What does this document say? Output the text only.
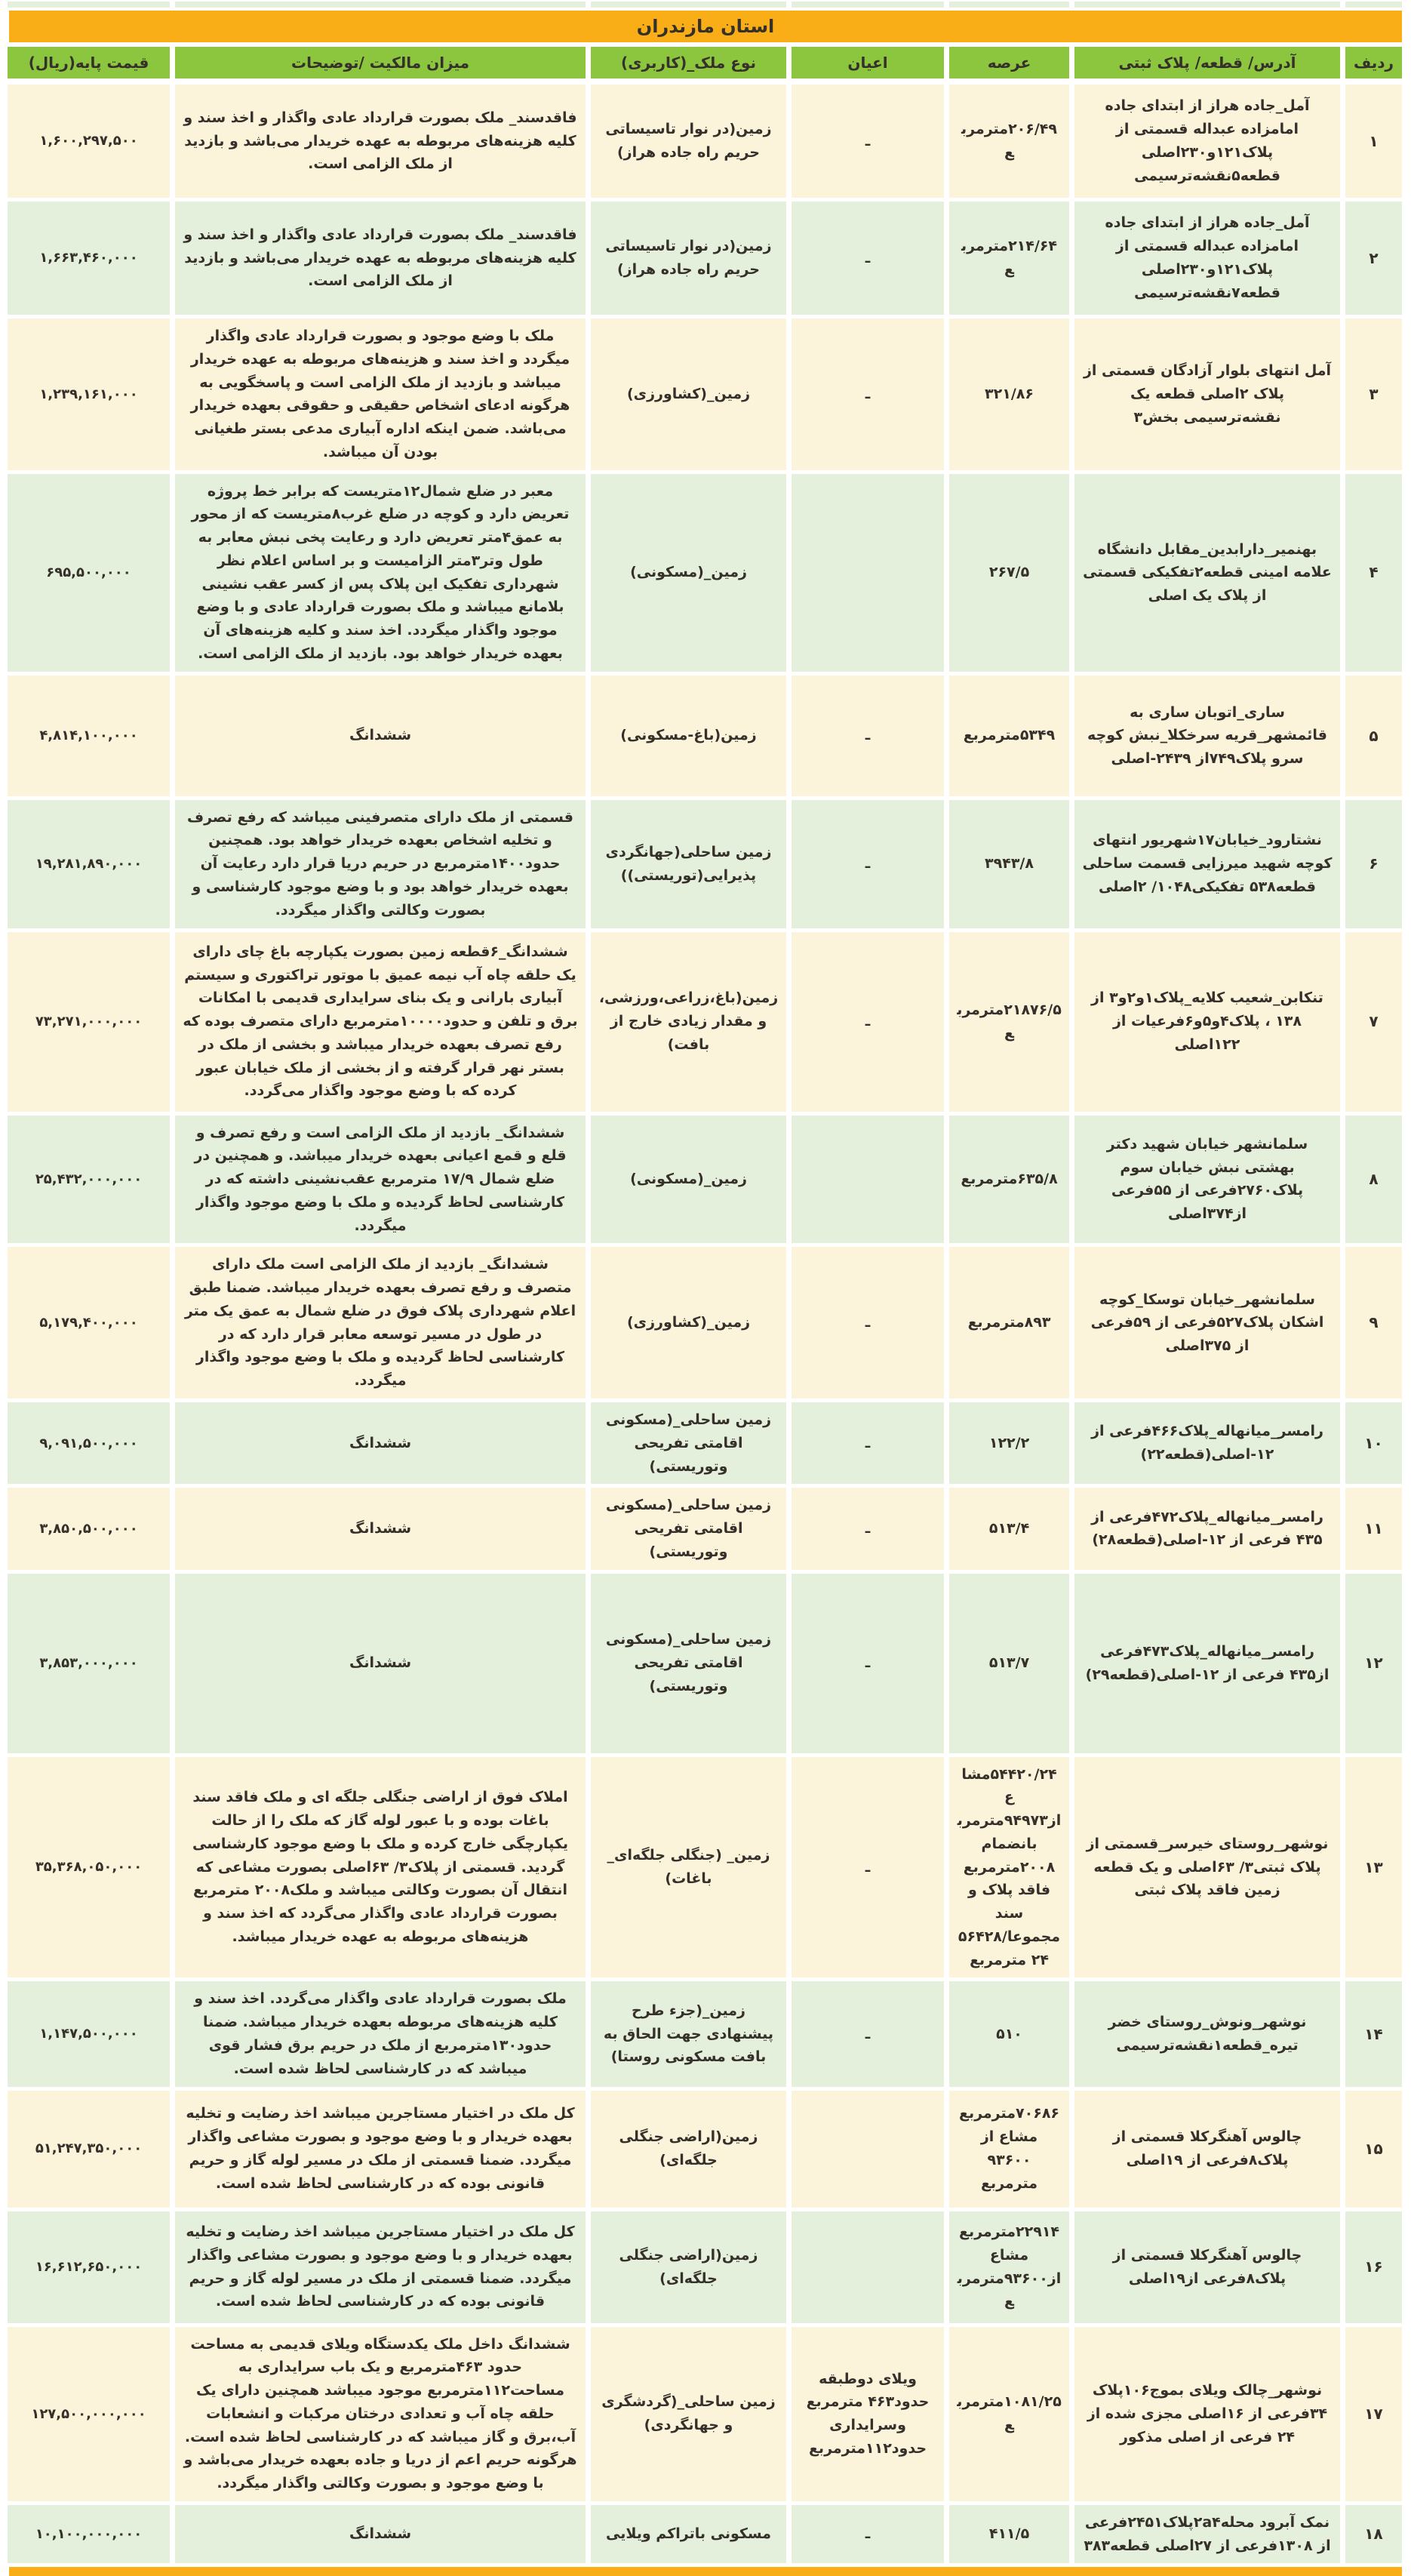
استان مازندران
ردیف
آدرس/ قطعه/ پلاک ثبتی
عرصه
اعیان
نوع ملک_(کاربری)
میزان مالکیت /توضیحات
قیمت پایه(ریال)
۱
آمل_جاده هراز از ابتدای جاده امامزاده عبداله قسمتی از پلاک۱۲۱و۲۳۰اصلی قطعه۵نقشه‌ترسیمی
۲۰۶/۴۹مترمربع
ـ
زمین(در نوار تاسیساتی حریم راه جاده هراز)
فاقدسند_ ملک بصورت قرارداد عادی واگذار و اخذ سند و کلیه هزینه‌های مربوطه به عهده خریدار می‌باشد و بازدید از ملک الزامی است.
۱,۶۰۰,۲۹۷,۵۰۰
۲
آمل_جاده هراز از ابتدای جاده امامزاده عبداله قسمتی از پلاک۱۲۱و۲۳۰اصلی قطعه۷نقشه‌ترسیمی
۲۱۴/۶۴مترمربع
ـ
زمین(در نوار تاسیساتی حریم راه جاده هراز)
فاقدسند_ ملک بصورت قرارداد عادی واگذار و اخذ سند و کلیه هزینه‌های مربوطه به عهده خریدار می‌باشد و بازدید از ملک الزامی است.
۱,۶۶۳,۴۶۰,۰۰۰
۳
آمل انتهای بلوار آزادگان قسمتی از پلاک ۲اصلی قطعه یک نقشه‌ترسیمی بخش۳
۳۲۱/۸۶
ـ
زمین_(کشاورزی)
ملک با وضع موجود و بصورت قرارداد عادی واگذار میگردد و اخذ سند و هزینه‌های مربوطه به عهده خریدار میباشد و بازدید از ملک الزامی است و پاسخگویی به هرگونه ادعای اشخاص حقیقی و حقوقی بعهده خریدار می‌باشد. ضمن اینکه اداره آبیاری مدعی بستر طغیانی بودن آن میباشد.
۱,۲۳۹,۱۶۱,۰۰۰
۴
بهنمیر_دارابدین_مقابل دانشگاه علامه امینی قطعه۲تفکیکی قسمتی از پلاک یک اصلی
۲۶۷/۵
زمین_(مسکونی)
معبر در ضلع شمال۱۲متریست که برابر خط پروژه تعریض دارد و کوچه در ضلع غرب۸متریست که از محور به عمق۴متر تعریض دارد و رعایت پخی نبش معابر به طول وتر۳متر الزامیست و بر اساس اعلام نظر شهرداری تفکیک این پلاک پس از کسر عقب نشینی بلامانع میباشد و ملک بصورت قرارداد عادی و با وضع موجود واگذار میگردد. اخذ سند و کلیه هزینه‌های آن بعهده خریدار خواهد بود. بازدید از ملک الزامی است.
۶۹۵,۵۰۰,۰۰۰
۵
ساری_اتوبان ساری به قائمشهر_قریه سرخکلا_نبش کوچه سرو پلاک۷۴۹از ۲۴۳۹-اصلی
۵۳۴۹مترمربع
ـ
زمین(باغ-مسکونی)
ششدانگ
۴,۸۱۴,۱۰۰,۰۰۰
۶
نشتارود_خیابان۱۷شهریور انتهای کوچه شهید میرزایی قسمت ساحلی قطعه۵۳۸ تفکیکی۱۰۴۸/ ۲اصلی
۳۹۴۳/۸
ـ
زمین ساحلی(جهانگردی پذیرایی(توریستی))
قسمتی از ملک دارای متصرفینی میباشد که رفع تصرف و تخلیه اشخاص بعهده خریدار خواهد بود. همچنین حدود۱۴۰۰مترمربع در حریم دریا قرار دارد رعایت آن بعهده خریدار خواهد بود و با وضع موجود کارشناسی و بصورت وکالتی واگذار میگردد.
۱۹,۲۸۱,۸۹۰,۰۰۰
۷
تنکابن_شعیب کلایه_پلاک۱و۲و۳ از ۱۳۸ ، پلاک۴و۵و۶فرعیات از ۱۲۲اصلی
۲۱۸۷۶/۵مترمربع
ـ
زمین(باغ،زراعی،ورزشی،و مقدار زیادی خارج از بافت)
ششدانگ_۶قطعه زمین بصورت یکپارچه باغ چای دارای یک حلقه چاه آب نیمه عمیق با موتور تراکتوری و سیستم آبیاری بارانی و یک بنای سرایداری قدیمی با امکانات برق و تلفن و حدود۱۰۰۰۰مترمربع دارای متصرف بوده که رفع تصرف بعهده خریدار میباشد و بخشی از ملک در بستر نهر قرار گرفته و از بخشی از ملک خیابان عبور کرده که با وضع موجود واگذار می‌گردد.
۷۳,۲۷۱,۰۰۰,۰۰۰
۸
سلمانشهر خیابان شهید دکتر بهشتی نبش خیابان سوم پلاک۲۷۶۰فرعی از ۵۵فرعی از۳۷۴اصلی
۶۳۵/۸مترمربع
زمین_(مسکونی)
ششدانگ_ بازدید از ملک الزامی است و رفع تصرف و قلع و قمع اعیانی بعهده خریدار میباشد. و همچنین در ضلع شمال ۱۷/۹ مترمربع عقب‌نشینی داشته که در کارشناسی لحاظ گردیده و ملک با وضع موجود واگذار میگردد.
۲۵,۴۳۲,۰۰۰,۰۰۰
۹
سلمانشهر_خیابان توسکا_کوچه اشکان پلاک۵۲۷فرعی از ۵۹فرعی از ۳۷۵اصلی
۸۹۳مترمربع
ـ
زمین_(کشاورزی)
ششدانگ_ بازدید از ملک الزامی است ملک دارای متصرف و رفع تصرف بعهده خریدار میباشد. ضمنا طبق اعلام شهرداری پلاک فوق در ضلع شمال به عمق یک متر در طول در مسیر توسعه معابر قرار دارد که در کارشناسی لحاظ گردیده و ملک با وضع موجود واگذار میگردد.
۵,۱۷۹,۴۰۰,۰۰۰
۱۰
رامسر_میانهاله_پلاک۴۶۶فرعی از ۱۲-اصلی(قطعه۲۲)
۱۲۲/۲
ـ
زمین ساحلی_(مسکونی اقامتی تفریحی وتوریستی)
ششدانگ
۹,۰۹۱,۵۰۰,۰۰۰
۱۱
رامسر_میانهاله_پلاک۴۷۲فرعی از ۴۳۵ فرعی از ۱۲-اصلی(قطعه۲۸)
۵۱۳/۴
ـ
زمین ساحلی_(مسکونی اقامتی تفریحی وتوریستی)
ششدانگ
۳,۸۵۰,۵۰۰,۰۰۰
۱۲
رامسر_میانهاله_پلاک۴۷۳فرعی از۴۳۵ فرعی از ۱۲-اصلی(قطعه۲۹)
۵۱۳/۷
ـ
زمین ساحلی_(مسکونی اقامتی تفریحی وتوریستی)
ششدانگ
۳,۸۵۳,۰۰۰,۰۰۰
۱۳
نوشهر_روستای خیرسر_قسمتی از پلاک ثبتی۳/ ۶۳اصلی و یک قطعه زمین فاقد پلاک ثبتی
۵۴۴۲۰/۲۴مشاع از۹۴۹۷۳مترمربع بانضمام ۲۰۰۸مترمربع فاقد پلاک و سند مجموعا۵۶۴۲۸/۲۴ مترمربع
ـ
زمین_ (جنگلی جلگه‌ای_ باغات)
املاک فوق از اراضی جنگلی جلگه ای و ملک فاقد سند باغات بوده و با عبور لوله گاز که ملک را از حالت یکپارچگی خارج کرده و ملک با وضع موجود کارشناسی گردید. قسمتی از پلاک۳/ ۶۳اصلی بصورت مشاعی که انتقال آن بصورت وکالتی میباشد و ملک۲۰۰۸ مترمربع بصورت قرارداد عادی واگذار می‌گردد که اخذ سند و هزینه‌های مربوطه به عهده خریدار میباشد.
۳۵,۳۶۸,۰۵۰,۰۰۰
۱۴
نوشهر_ونوش_روستای خضر تیره_قطعه۱نقشه‌ترسیمی
۵۱۰
ـ
زمین_(جزء طرح پیشنهادی جهت الحاق به بافت مسکونی روستا)
ملک بصورت قرارداد عادی واگذار می‌گردد. اخذ سند و کلیه هزینه‌های مربوطه بعهده خریدار میباشد. ضمنا حدود۱۳۰مترمربع از ملک در حریم برق فشار قوی میباشد که در کارشناسی لحاظ شده است.
۱,۱۴۷,۵۰۰,۰۰۰
۱۵
چالوس آهنگرکلا قسمتی از پلاک۸فرعی از ۱۹اصلی
۷۰۶۸۶مترمربع مشاع از ۹۳۶۰۰ مترمربع
زمین(اراضی جنگلی جلگه‌ای)
کل ملک در اختیار مستاجرین میباشد اخذ رضایت و تخلیه بعهده خریدار و با وضع موجود و بصورت مشاعی واگذار میگردد. ضمنا قسمتی از ملک در مسیر لوله گاز و حریم قانونی بوده که در کارشناسی لحاظ شده است.
۵۱,۲۴۷,۳۵۰,۰۰۰
۱۶
چالوس آهنگرکلا قسمتی از پلاک۸فرعی از۱۹اصلی
۲۲۹۱۴مترمربع مشاع از۹۳۶۰۰مترمربع
زمین(اراضی جنگلی جلگه‌ای)
کل ملک در اختیار مستاجرین میباشد اخذ رضایت و تخلیه بعهده خریدار و با وضع موجود و بصورت مشاعی واگذار میگردد. ضمنا قسمتی از ملک در مسیر لوله گاز و حریم قانونی بوده که در کارشناسی لحاظ شده است.
۱۶,۶۱۲,۶۵۰,۰۰۰
۱۷
نوشهر_چالک ویلای بموج۱۰۶پلاک ۳۴فرعی از ۱۶اصلی مجزی شده از ۲۴ فرعی از اصلی مذکور
۱۰۸۱/۲۵مترمربع
ویلای دوطبقه حدود۴۶۳ مترمربع وسرایداری حدود۱۱۲مترمربع
زمین ساحلی_(گردشگری و جهانگردی)
ششدانگ داخل ملک یکدستگاه ویلای قدیمی به مساحت حدود ۴۶۳مترمربع و یک باب سرایداری به مساحت۱۱۲مترمربع موجود میباشد همچنین دارای یک حلقه چاه آب و تعدادی درختان مرکبات و انشعابات آب،برق و گاز میباشد که در کارشناسی لحاظ شده است. هرگونه حریم اعم از دریا و جاده بعهده خریدار می‌باشد و با وضع موجود و بصورت وکالتی واگذار میگردد.
۱۲۷,۵۰۰,۰۰۰,۰۰۰
۱۸
نمک آبرود محله۲a۴پلاک۲۴۵۱فرعی از ۱۳۰۸فرعی از ۲۷اصلی قطعه۳۸۳
۴۱۱/۵
ـ
مسکونی باتراکم ویلایی
ششدانگ
۱۰,۱۰۰,۰۰۰,۰۰۰
